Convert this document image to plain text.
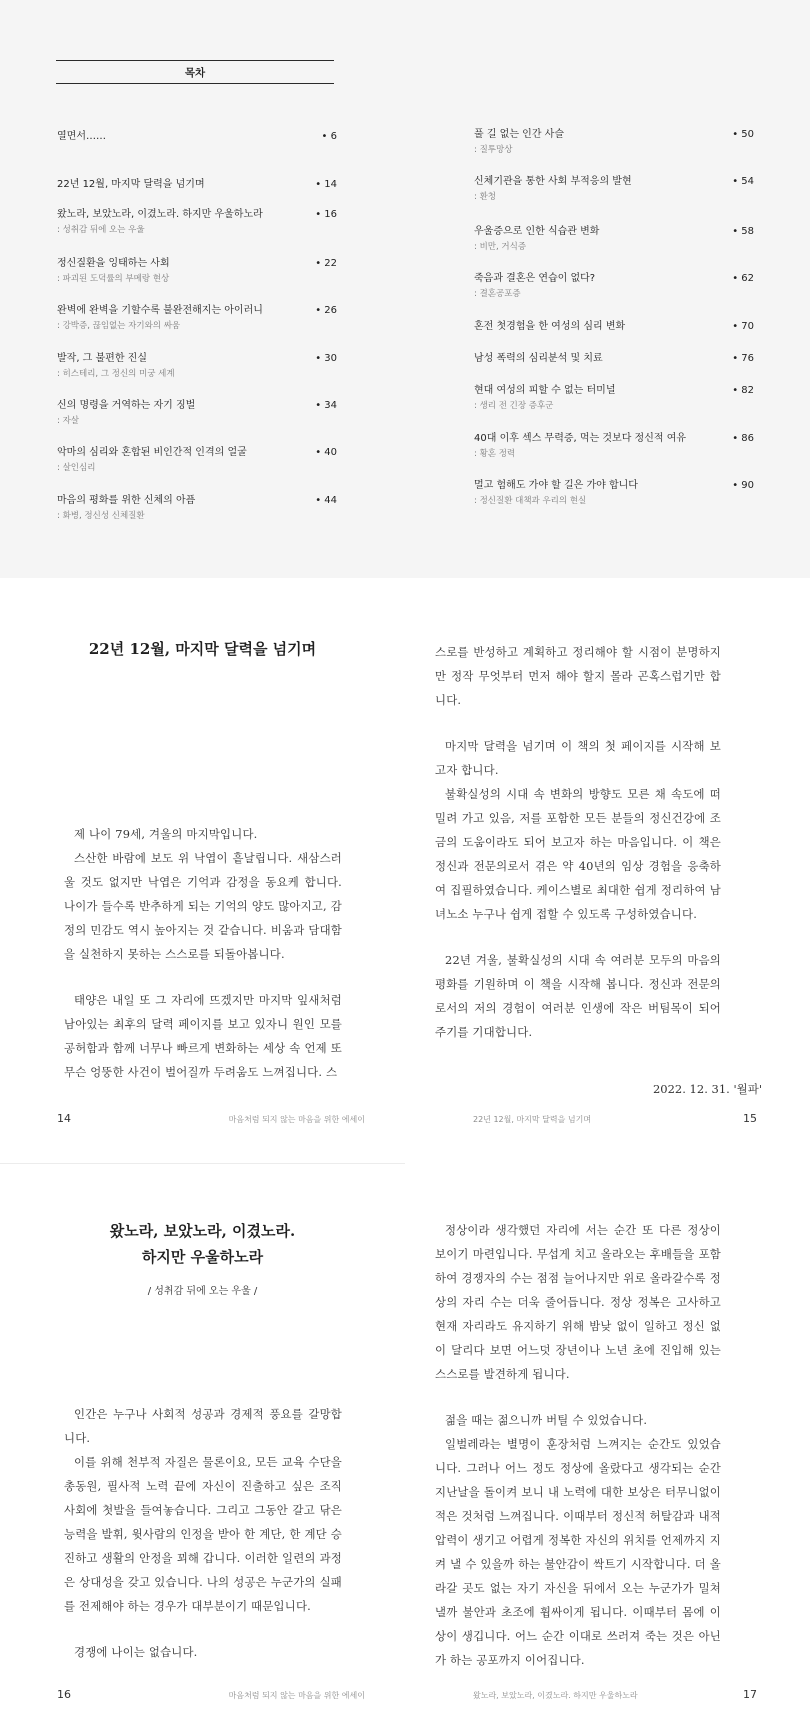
목차
열면서……	• 6
22년 12월, 마지막 달력을 넘기며	• 14
왔노라, 보았노라, 이겼노라. 하지만 우울하노라	• 16
: 성취감 뒤에 오는 우울
정신질환을 잉태하는 사회	• 22
: 파괴된 도덕률의 부메랑 현상
완벽에 완벽을 기할수록 불완전해지는 아이러니	• 26
: 강박증, 끊임없는 자기와의 싸움
발작, 그 불편한 진실	• 30
: 히스테리, 그 정신의 미궁 세계
신의 명령을 거역하는 자기 징벌	• 34
: 자살
악마의 심리와 혼합된 비인간적 인격의 얼굴	• 40
: 살인심리
마음의 평화를 위한 신체의 아픔	• 44
: 화병, 정신성 신체질환
풀 길 없는 인간 사슬	• 50
: 질투망상
신체기관을 통한 사회 부적응의 발현	• 54
: 환청
우울증으로 인한 식습관 변화	• 58
: 비만, 거식증
죽음과 결혼은 연습이 없다?	• 62
: 결혼공포증
혼전 첫경험을 한 여성의 심리 변화	• 70
남성 폭력의 심리분석 및 치료	• 76
현대 여성의 피할 수 없는 터미널	• 82
: 생리 전 긴장 증후군
40대 이후 섹스 무력증, 먹는 것보다 정신적 여유	• 86
: 황혼 정력
멀고 험해도 가야 할 길은 가야 합니다	• 90
: 정신질환 대책과 우리의 현실
22년 12월, 마지막 달력을 넘기며

제 나이 79세, 겨울의 마지막입니다.

스산한 바람에 보도 위 낙엽이 흩날립니다. 새삼스러울 것도 없지만 낙엽은 기억과 감정을 동요케 합니다. 나이가 들수록 반추하게 되는 기억의 양도 많아지고, 감정의 민감도 역시 높아지는 것 같습니다. 비움과 담대함을 실천하지 못하는 스스로를 되돌아봅니다.

태양은 내일 또 그 자리에 뜨겠지만 마지막 잎새처럼 남아있는 최후의 달력 페이지를 보고 있자니 원인 모를 공허함과 함께 너무나 빠르게 변화하는 세상 속 언제 또 무슨 엉뚱한 사건이 벌어질까 두려움도 느껴집니다. 스

14	마음처럼 되지 않는 마음을 위한 에세이

스로를 반성하고 계획하고 정리해야 할 시점이 분명하지만 정작 무엇부터 먼저 해야 할지 몰라 곤혹스럽기만 합니다.

마지막 달력을 넘기며 이 책의 첫 페이지를 시작해 보고자 합니다.

불확실성의 시대 속 변화의 방향도 모른 채 속도에 떠밀려 가고 있음, 저를 포함한 모든 분들의 정신건강에 조금의 도움이라도 되어 보고자 하는 마음입니다. 이 책은 정신과 전문의로서 겪은 약 40년의 임상 경험을 응축하여 집필하였습니다. 케이스별로 최대한 쉽게 정리하여 남녀노소 누구나 쉽게 접할 수 있도록 구성하였습니다.

22년 겨울, 불확실성의 시대 속 여러분 모두의 마음의 평화를 기원하며 이 책을 시작해 봅니다. 정신과 전문의로서의 저의 경험이 여러분 인생에 작은 버팀목이 되어 주기를 기대합니다.

2022. 12. 31. '월파'
22년 12월, 마지막 달력을 넘기며	15
왔노라, 보았노라, 이겼노라.
하지만 우울하노라
/ 성취감 뒤에 오는 우울 /

인간은 누구나 사회적 성공과 경제적 풍요를 갈망합니다.

이를 위해 천부적 자질은 물론이요, 모든 교육 수단을 총동원, 필사적 노력 끝에 자신이 진출하고 싶은 조직 사회에 첫발을 들여놓습니다. 그리고 그동안 갈고 닦은 능력을 발휘, 윗사람의 인정을 받아 한 계단, 한 계단 승진하고 생활의 안정을 꾀해 갑니다. 이러한 일련의 과정은 상대성을 갖고 있습니다. 나의 성공은 누군가의 실패를 전제해야 하는 경우가 대부분이기 때문입니다.

경쟁에 나이는 없습니다.

16	마음처럼 되지 않는 마음을 위한 에세이

정상이라 생각했던 자리에 서는 순간 또 다른 정상이 보이기 마련입니다. 무섭게 치고 올라오는 후배들을 포함하여 경쟁자의 수는 점점 늘어나지만 위로 올라갈수록 정상의 자리 수는 더욱 줄어듭니다. 정상 정복은 고사하고 현재 자리라도 유지하기 위해 밤낮 없이 일하고 정신 없이 달리다 보면 어느덧 장년이나 노년 초에 진입해 있는 스스로를 발견하게 됩니다.

젊을 때는 젊으니까 버틸 수 있었습니다.

일벌레라는 별명이 훈장처럼 느껴지는 순간도 있었습니다. 그러나 어느 정도 정상에 올랐다고 생각되는 순간 지난날을 돌이켜 보니 내 노력에 대한 보상은 터무니없이 적은 것처럼 느껴집니다. 이때부터 정신적 허탈감과 내적 압력이 생기고 어렵게 정복한 자신의 위치를 언제까지 지켜 낼 수 있을까 하는 불안감이 싹트기 시작합니다. 더 올라갈 곳도 없는 자기 자신을 뒤에서 오는 누군가가 밀쳐 낼까 불안과 초조에 휩싸이게 됩니다. 이때부터 몸에 이상이 생깁니다. 어느 순간 이대로 쓰러져 죽는 것은 아닌가 하는 공포까지 이어집니다.

왔노라, 보았노라, 이겼노라. 하지만 우울하노라	17
